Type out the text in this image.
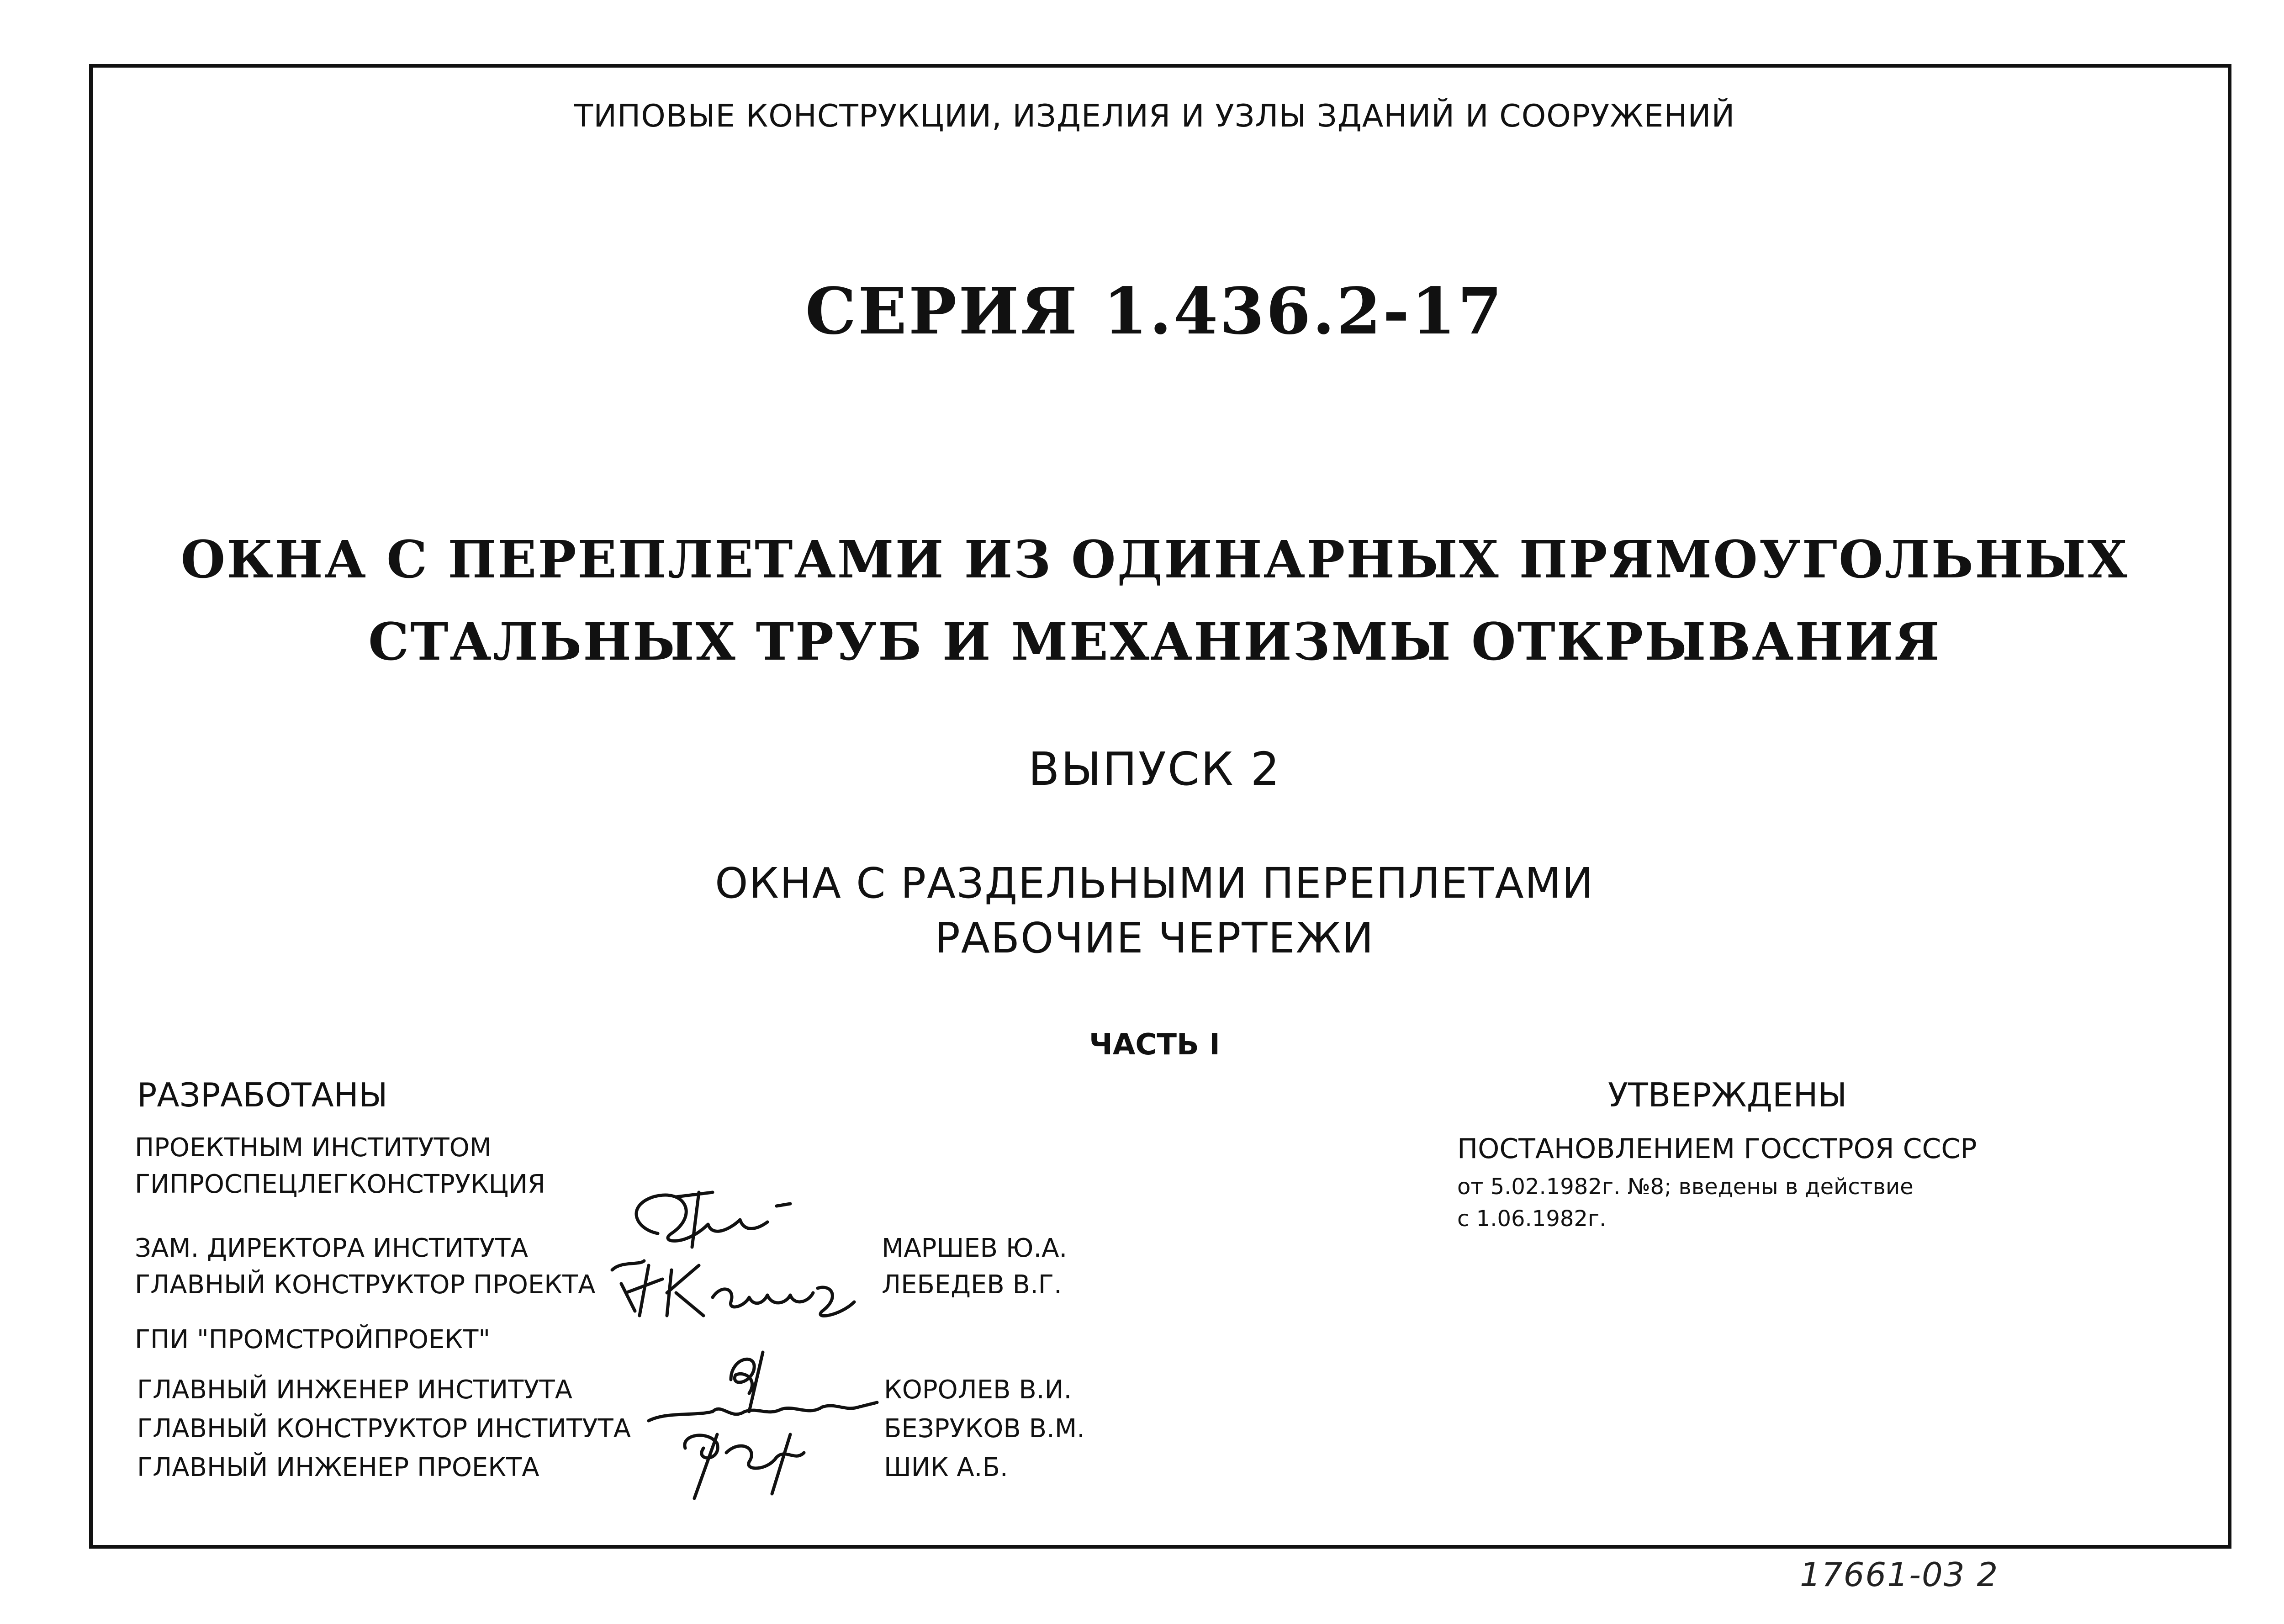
ТИПОВЫЕ КОНСТРУКЦИИ, ИЗДЕЛИЯ И УЗЛЫ ЗДАНИЙ И СООРУЖЕНИЙ
СЕРИЯ 1.436.2-17
ОКНА С ПЕРЕПЛЕТАМИ ИЗ ОДИНАРНЫХ ПРЯМОУГОЛЬНЫХ
СТАЛЬНЫХ ТРУБ И МЕХАНИЗМЫ ОТКРЫВАНИЯ
ВЫПУСК 2
ОКНА С РАЗДЕЛЬНЫМИ ПЕРЕПЛЕТАМИ
РАБОЧИЕ ЧЕРТЕЖИ
ЧАСТЬ I
РАЗРАБОТАНЫ
ПРОЕКТНЫМ ИНСТИТУТОМ
ГИПРОСПЕЦЛЕГКОНСТРУКЦИЯ
ЗАМ. ДИРЕКТОРА ИНСТИТУТА	МАРШЕВ Ю.А.
ГЛАВНЫЙ КОНСТРУКТОР ПРОЕКТА	ЛЕБЕДЕВ В.Г.
ГПИ "ПРОМСТРОЙПРОЕКТ"
ГЛАВНЫЙ ИНЖЕНЕР ИНСТИТУТА	КОРОЛЕВ В.И.
ГЛАВНЫЙ КОНСТРУКТОР ИНСТИТУТА	БЕЗРУКОВ В.М.
ГЛАВНЫЙ ИНЖЕНЕР ПРОЕКТА	ШИК А.Б.
УТВЕРЖДЕНЫ
ПОСТАНОВЛЕНИЕМ ГОССТРОЯ СССР
от 5.02.1982г. №8; введены в действие
с 1.06.1982г.
17661-03 2
